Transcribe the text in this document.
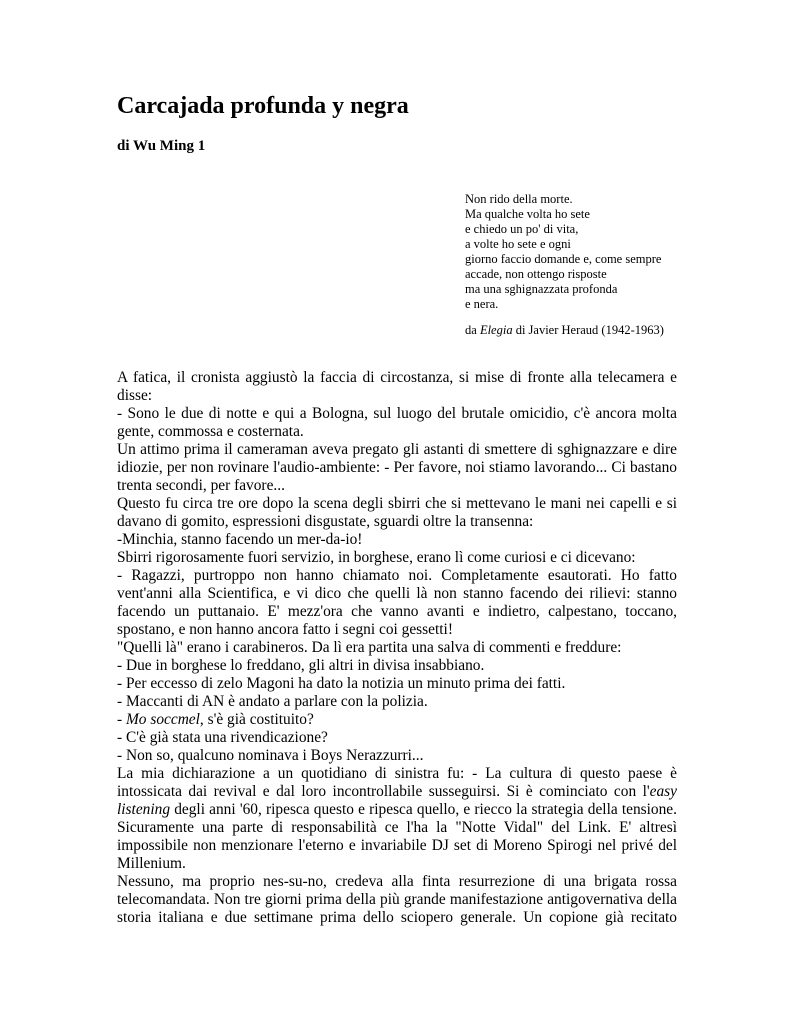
Carcajada profunda y negra

di Wu Ming 1

Non rido della morte.
Ma qualche volta ho sete
e chiedo un po' di vita,
a volte ho sete e ogni
giorno faccio domande e, come sempre
accade, non ottengo risposte
ma una sghignazzata profonda
e nera.
da Elegia di Javier Heraud (1942-1963)

A fatica, il cronista aggiustò la faccia di circostanza, si mise di fronte alla telecamera e disse:

- Sono le due di notte e qui a Bologna, sul luogo del brutale omicidio, c'è ancora molta gente, commossa e costernata.

Un attimo prima il cameraman aveva pregato gli astanti di smettere di sghignazzare e dire idiozie, per non rovinare l'audio-ambiente: - Per favore, noi stiamo lavorando... Ci bastano trenta secondi, per favore...

Questo fu circa tre ore dopo la scena degli sbirri che si mettevano le mani nei capelli e si davano di gomito, espressioni disgustate, sguardi oltre la transenna:

-Minchia, stanno facendo un mer-da-io!

Sbirri rigorosamente fuori servizio, in borghese, erano lì come curiosi e ci dicevano:

- Ragazzi, purtroppo non hanno chiamato noi. Completamente esautorati. Ho fatto vent'anni alla Scientifica, e vi dico che quelli là non stanno facendo dei rilievi: stanno facendo un puttanaio. E' mezz'ora che vanno avanti e indietro, calpestano, toccano, spostano, e non hanno ancora fatto i segni coi gessetti!

"Quelli là" erano i carabineros. Da lì era partita una salva di commenti e freddure:

- Due in borghese lo freddano, gli altri in divisa insabbiano.

- Per eccesso di zelo Magoni ha dato la notizia un minuto prima dei fatti.

- Maccanti di AN è andato a parlare con la polizia.

- Mo soccmel, s'è già costituito?

- C'è già stata una rivendicazione?

- Non so, qualcuno nominava i Boys Nerazzurri...

La mia dichiarazione a un quotidiano di sinistra fu: - La cultura di questo paese è intossicata dai revival e dal loro incontrollabile susseguirsi. Si è cominciato con l'easy listening degli anni '60, ripesca questo e ripesca quello, e riecco la strategia della tensione. Sicuramente una parte di responsabilità ce l'ha la "Notte Vidal" del Link. E' altresì impossibile non menzionare l'eterno e invariabile DJ set di Moreno Spirogi nel privé del Millenium.

Nessuno, ma proprio nes-su-no, credeva alla finta resurrezione di una brigata rossa telecomandata. Non tre giorni prima della più grande manifestazione antigovernativa della storia italiana e due settimane prima dello sciopero generale. Un copione già recitato
